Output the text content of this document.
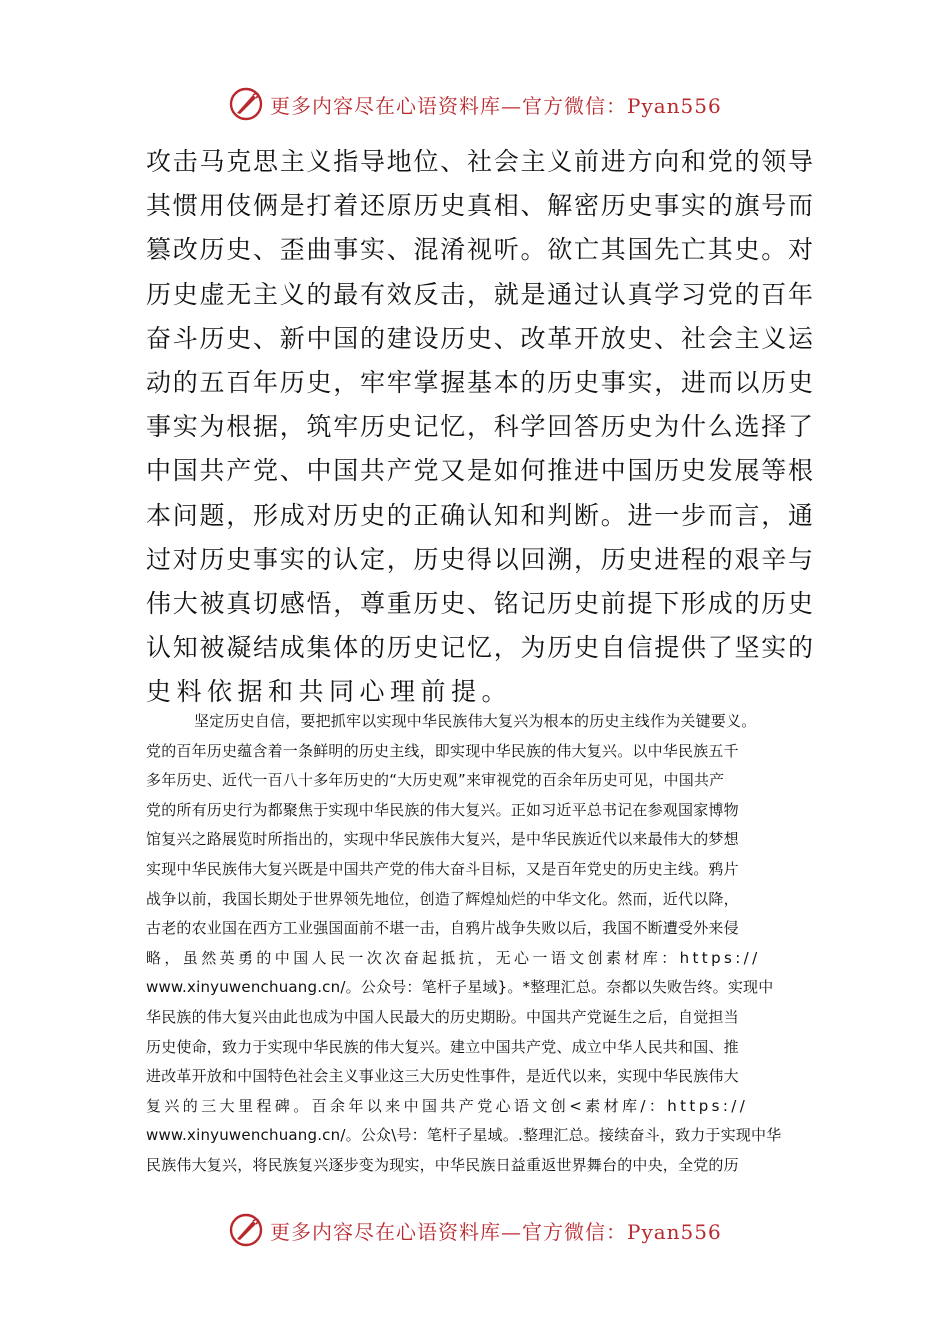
更多内容尽在心语资料库—官方微信：Pyan556
攻击马克思主义指导地位、社会主义前进方向和党的领导
其惯用伎俩是打着还原历史真相、解密历史事实的旗号而
篡改历史、歪曲事实、混淆视听。欲亡其国先亡其史。对
历史虚无主义的最有效反击，就是通过认真学习党的百年
奋斗历史、新中国的建设历史、改革开放史、社会主义运
动的五百年历史，牢牢掌握基本的历史事实，进而以历史
事实为根据，筑牢历史记忆，科学回答历史为什么选择了
中国共产党、中国共产党又是如何推进中国历史发展等根
本问题，形成对历史的正确认知和判断。进一步而言，通
过对历史事实的认定，历史得以回溯，历史进程的艰辛与
伟大被真切感悟，尊重历史、铭记历史前提下形成的历史
认知被凝结成集体的历史记忆，为历史自信提供了坚实的
史料依据和共同心理前提。
坚定历史自信，要把抓牢以实现中华民族伟大复兴为根本的历史主线作为关键要义。
党的百年历史蕴含着一条鲜明的历史主线，即实现中华民族的伟大复兴。以中华民族五千
多年历史、近代一百八十多年历史的“大历史观”来审视党的百余年历史可见，中国共产
党的所有历史行为都聚焦于实现中华民族的伟大复兴。正如习近平总书记在参观国家博物
馆复兴之路展览时所指出的，实现中华民族伟大复兴，是中华民族近代以来最伟大的梦想
实现中华民族伟大复兴既是中国共产党的伟大奋斗目标，又是百年党史的历史主线。鸦片
战争以前，我国长期处于世界领先地位，创造了辉煌灿烂的中华文化。然而，近代以降，
古老的农业国在西方工业强国面前不堪一击，自鸦片战争失败以后，我国不断遭受外来侵
略，虽然英勇的中国人民一次次奋起抵抗，无心一语文创素材库：https://
www.xinyuwenchuang.cn/。公众号：笔杆子星域}。*整理汇总。奈都以失败告终。实现中
华民族的伟大复兴由此也成为中国人民最大的历史期盼。中国共产党诞生之后，自觉担当
历史使命，致力于实现中华民族的伟大复兴。建立中国共产党、成立中华人民共和国、推
进改革开放和中国特色社会主义事业这三大历史性事件，是近代以来，实现中华民族伟大
复兴的三大里程碑。百余年以来中国共产党心语文创<素材库/：https://
www.xinyuwenchuang.cn/。公众\号：笔杆子星域。.整理汇总。接续奋斗，致力于实现中华
民族伟大复兴，将民族复兴逐步变为现实，中华民族日益重返世界舞台的中央，全党的历
更多内容尽在心语资料库—官方微信：Pyan556
